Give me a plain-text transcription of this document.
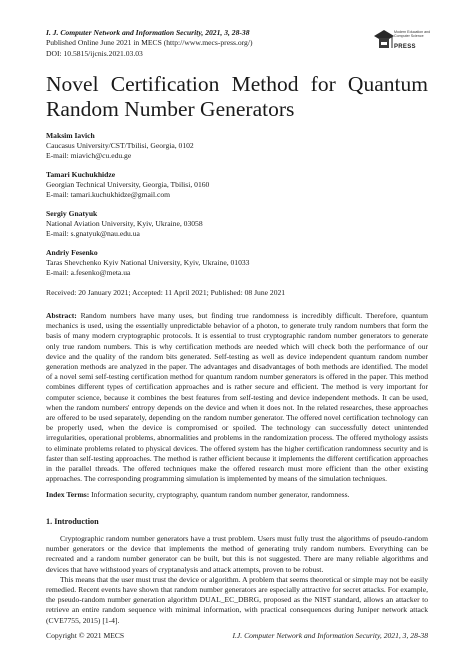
I. J. Computer Network and Information Security, 2021, 3, 28-38
Published Online June 2021 in MECS (http://www.mecs-press.org/)
DOI: 10.5815/ijcnis.2021.03.03
Modern Education and Computer Science
PRESS
Novel Certification Method for Quantum
Random Number Generators
Maksim Iavich
Caucasus University/CST/Tbilisi, Georgia, 0102
E-mail: miavich@cu.edu.ge
Tamari Kuchukhidze
Georgian Technical University, Georgia, Tbilisi, 0160
E-mail: tamari.kuchukhidze@gmail.com
Sergiy Gnatyuk
National Aviation University, Kyiv, Ukraine, 03058
E-mail: s.gnatyuk@nau.edu.ua
Andriy Fesenko
Taras Shevchenko Kyiv National University, Kyiv, Ukraine, 01033
E-mail: a.fesenko@meta.ua
Received: 20 January 2021; Accepted: 11 April 2021; Published: 08 June 2021
Abstract: Random numbers have many uses, but finding true randomness is incredibly difficult. Therefore, quantum mechanics is used, using the essentially unpredictable behavior of a photon, to generate truly random numbers that form the basis of many modern cryptographic protocols. It is essential to trust cryptographic random number generators to generate only true random numbers. This is why certification methods are needed which will check both the performance of our device and the quality of the random bits generated. Self-testing as well as device independent quantum random number generation methods are analyzed in the paper. The advantages and disadvantages of both methods are identified. The model of a novel semi self-testing certification method for quantum random number generators is offered in the paper. This method combines different types of certification approaches and is rather secure and efficient. The method is very important for computer science, because it combines the best features from self-testing and device independent methods. It can be used, when the random numbers' entropy depends on the device and when it does not. In the related researches, these approaches are offered to be used separately, depending on the random number generator. The offered novel certification technology can be properly used, when the device is compromised or spoiled. The technology can successfully detect unintended irregularities, operational problems, abnormalities and problems in the randomization process. The offered mythology assists to eliminate problems related to physical devices. The offered system has the higher certification randomness security and is faster than self-testing approaches. The method is rather efficient because it implements the different certification approaches in the parallel threads. The offered techniques make the offered research must more efficient than the other existing approaches. The corresponding programming simulation is implemented by means of the simulation techniques.
Index Terms: Information security, cryptography, quantum random number generator, randomness.
1. Introduction

Cryptographic random number generators have a trust problem. Users must fully trust the algorithms of pseudo-random number generators or the device that implements the method of generating truly random numbers. Everything can be recreated and a random number generator can be built, but this is not suggested. There are many reliable algorithms and devices that have withstood years of cryptanalysis and attack attempts, proven to be robust.

This means that the user must trust the device or algorithm. A problem that seems theoretical or simple may not be easily remedied. Recent events have shown that random number generators are especially attractive for secret attacks. For example, the pseudo-random number generation algorithm DUAL_EC_DBRG, proposed as the NIST standard, allows an attacker to retrieve an entire random sequence with minimal information, with practical consequences during Juniper network attack (CVE7755, 2015) [1-4].

Copyright © 2021 MECS	I.J. Computer Network and Information Security, 2021, 3, 28-38
